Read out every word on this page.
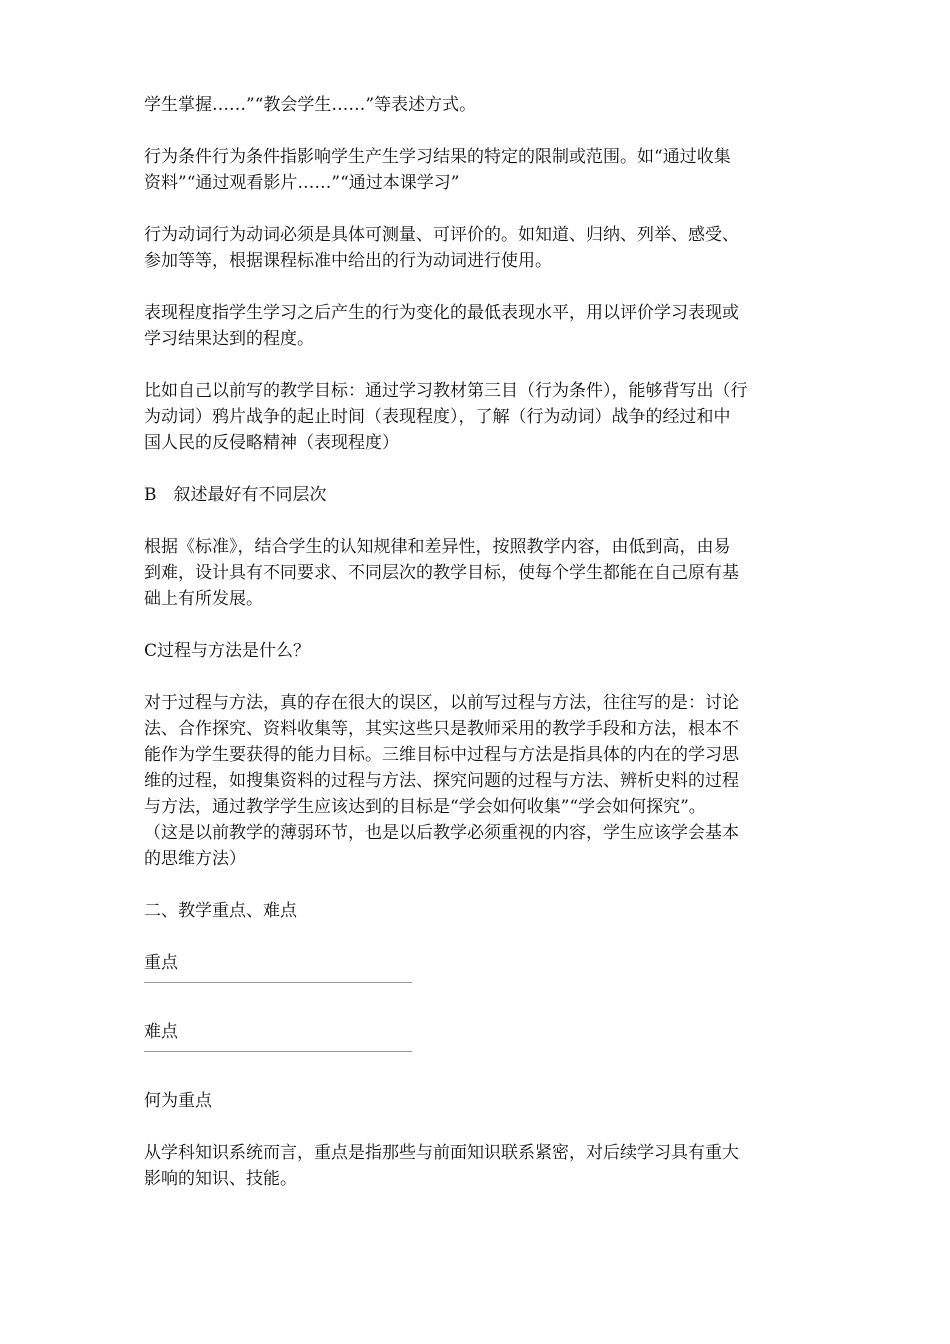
学生掌握……”“教会学生……”等表述方式。
行为条件行为条件指影响学生产生学习结果的特定的限制或范围。如“通过收集
资料”“通过观看影片……”“通过本课学习”
行为动词行为动词必须是具体可测量、可评价的。如知道、归纳、列举、感受、
参加等等，根据课程标准中给出的行为动词进行使用。
表现程度指学生学习之后产生的行为变化的最低表现水平，用以评价学习表现或
学习结果达到的程度。
比如自己以前写的教学目标：通过学习教材第三目（行为条件），能够背写出（行
为动词）鸦片战争的起止时间（表现程度），了解（行为动词）战争的经过和中
国人民的反侵略精神（表现程度）
B　叙述最好有不同层次
根据《标准》，结合学生的认知规律和差异性，按照教学内容，由低到高，由易
到难，设计具有不同要求、不同层次的教学目标，使每个学生都能在自己原有基
础上有所发展。
C过程与方法是什么？
对于过程与方法，真的存在很大的误区，以前写过程与方法，往往写的是：讨论
法、合作探究、资料收集等，其实这些只是教师采用的教学手段和方法，根本不
能作为学生要获得的能力目标。三维目标中过程与方法是指具体的内在的学习思
维的过程，如搜集资料的过程与方法、探究问题的过程与方法、辨析史料的过程
与方法，通过教学学生应该达到的目标是“学会如何收集”“学会如何探究”。
（这是以前教学的薄弱环节，也是以后教学必须重视的内容，学生应该学会基本
的思维方法）
二、教学重点、难点
重点
难点
何为重点
从学科知识系统而言，重点是指那些与前面知识联系紧密，对后续学习具有重大
影响的知识、技能。
